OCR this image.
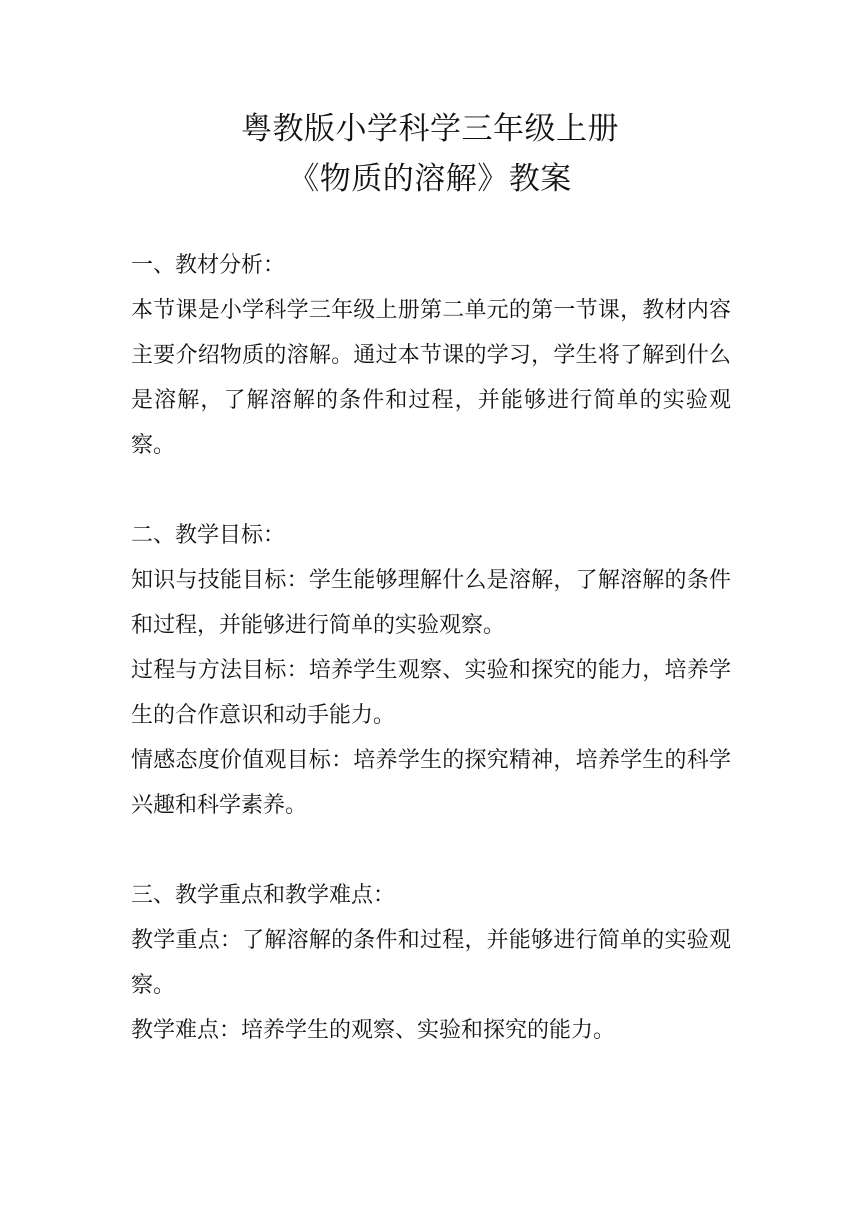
粤教版小学科学三年级上册
《物质的溶解》教案
一、教材分析：

本节课是小学科学三年级上册第二单元的第一节课，教材内容主要介绍物质的溶解。通过本节课的学习，学生将了解到什么是溶解，了解溶解的条件和过程，并能够进行简单的实验观察。

二、教学目标：

知识与技能目标：学生能够理解什么是溶解，了解溶解的条件和过程，并能够进行简单的实验观察。

过程与方法目标：培养学生观察、实验和探究的能力，培养学生的合作意识和动手能力。

情感态度价值观目标：培养学生的探究精神，培养学生的科学兴趣和科学素养。

三、教学重点和教学难点：

教学重点：了解溶解的条件和过程，并能够进行简单的实验观察。

教学难点：培养学生的观察、实验和探究的能力。
